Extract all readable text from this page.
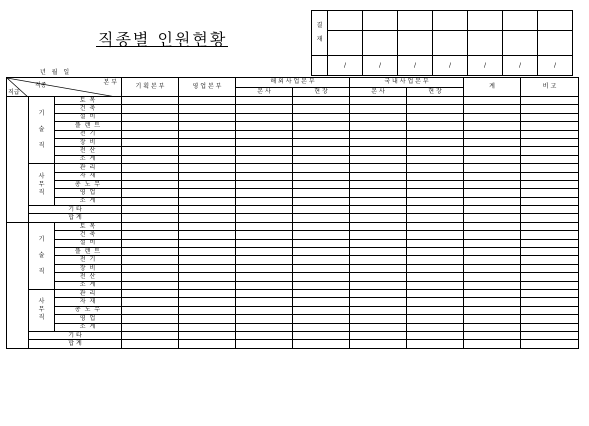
직종별 인원현황
결
재							

	/	/	/	/	/	/	/
년 월 일
본 부
직종
직급			기 획 본 부	영 업 본 부	해 외 사 업 본 부		국 내 사 업 본 부		계	비 고
					본 사	현 장	본 사	현 장		
	기

술

직	토 목								
		건 축								
		설 비								
		플 랜 트								
		전 기								
		장 비								
		전 산								
		소 계								
	사
무
직	관 리								
		자 재								
		총 노 무								
		영 업								
		소 계								
	기 타									
	합 계									
	기

술

직	토 목								
		건 축								
		설 비								
		플 랜 트								
		전 기								
		장 비								
		전 산								
		소 계								
	사
무
직	관 리								
		자 재								
		총 노 무								
		영 업								
		소 계								
	기 타									
	합 계									
